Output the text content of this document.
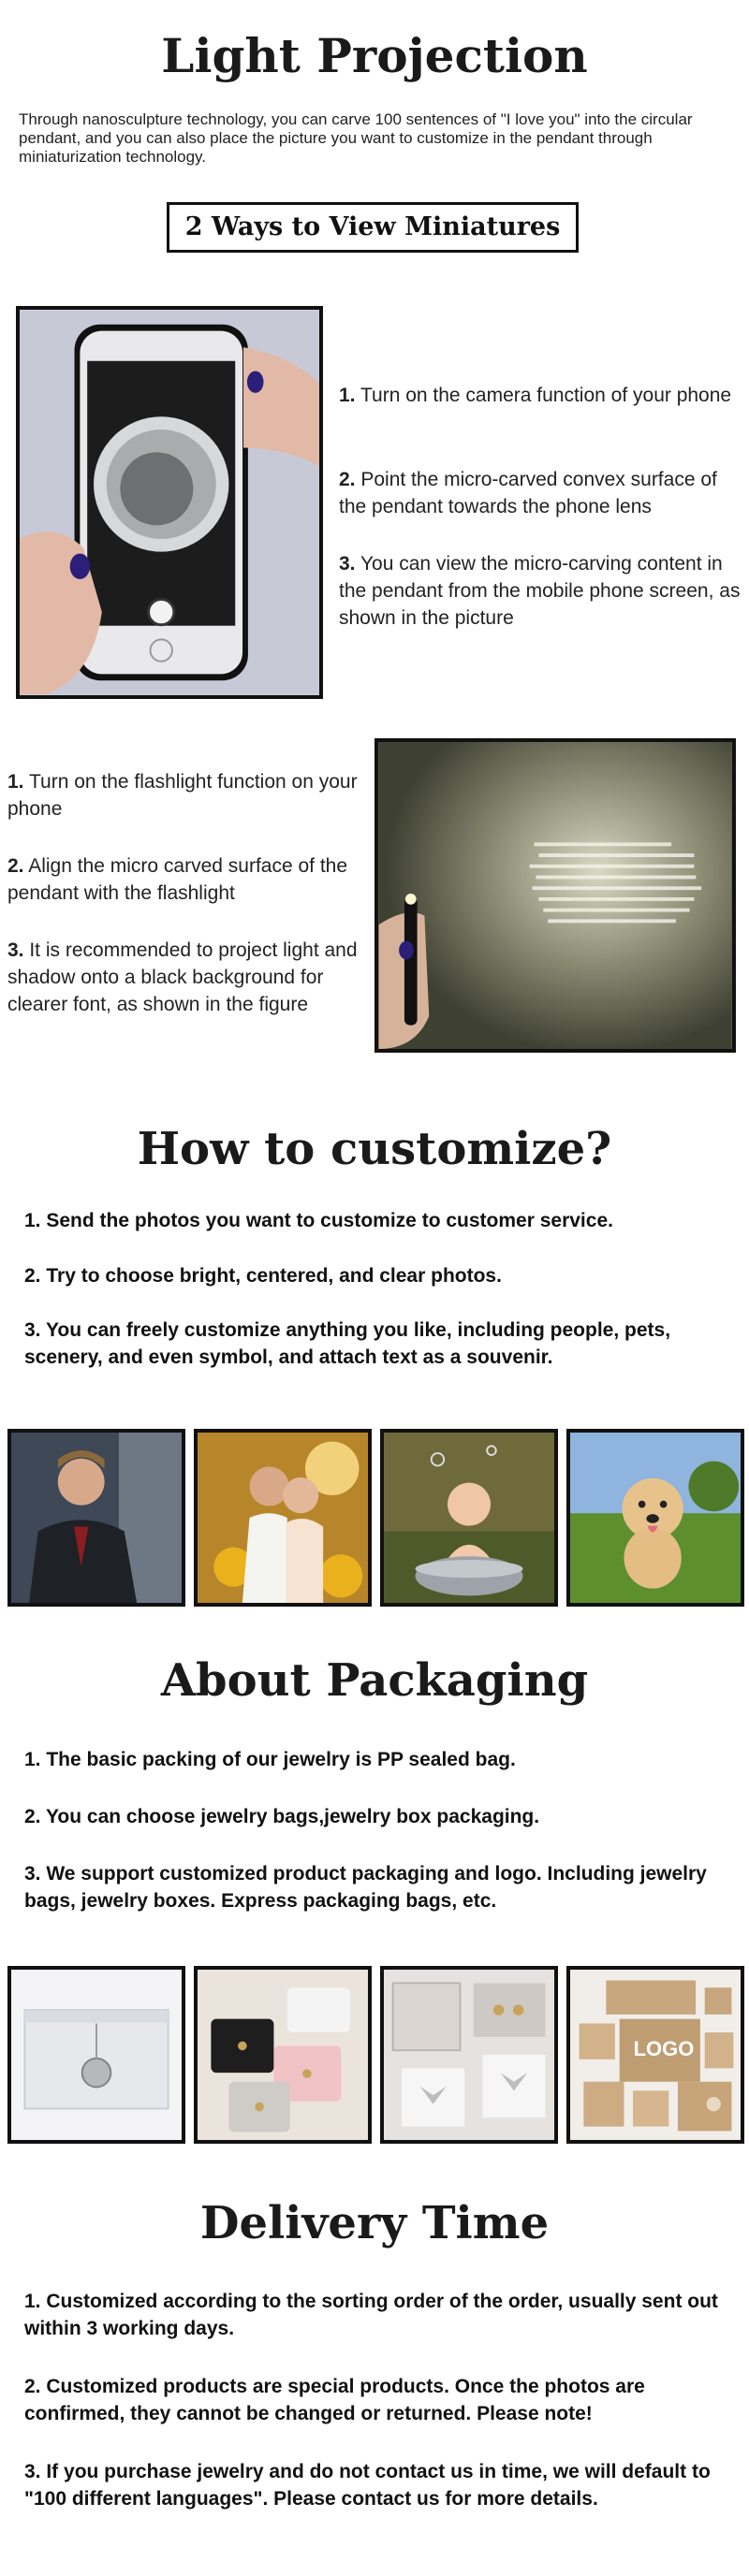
Light Projection

Through nanosculpture technology, you can carve 100 sentences of "I love you" into the circular pendant, and you can also place the picture you want to customize in the pendant through miniaturization technology.

2 Ways to View Miniatures
1. Turn on the camera function of your phone
2. Point the micro-carved convex surface of the pendant towards the phone lens
3. You can view the micro-carving content in the pendant from the mobile phone screen, as shown in the picture
1. Turn on the flashlight function on your phone
2. Align the micro carved surface of the pendant with the flashlight
3. It is recommended to project light and shadow onto a black background for clearer font, as shown in the figure
How to customize?
1. Send the photos you want to customize to customer service.
2. Try to choose bright, centered, and clear photos.
3. You can freely customize anything you like, including people, pets, scenery, and even symbol, and attach text as a souvenir.
About Packaging
1. The basic packing of our jewelry is PP sealed bag.
2. You can choose jewelry bags,jewelry box packaging.
3. We support customized product packaging and logo. Including jewelry bags, jewelry boxes. Express packaging bags, etc.
LOGO
Delivery Time
1. Customized according to the sorting order of the order, usually sent out within 3 working days.
2. Customized products are special products. Once the photos are confirmed, they cannot be changed or returned. Please note!
3. If you purchase jewelry and do not contact us in time, we will default to "100 different languages". Please contact us for more details.
